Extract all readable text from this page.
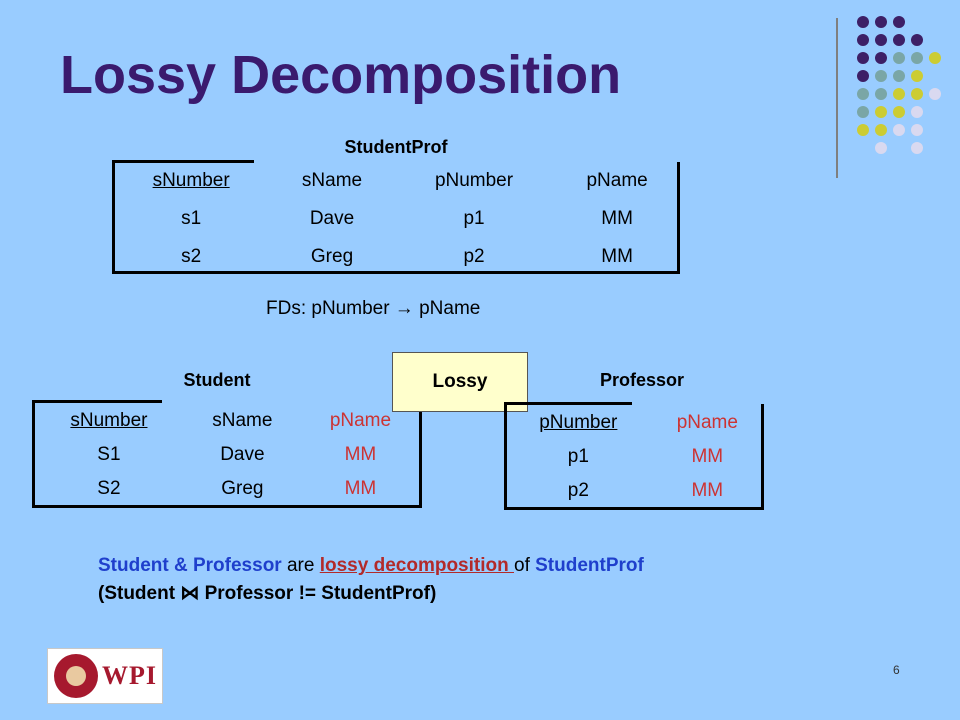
Lossy Decomposition
StudentProf
sNumber	sName	pNumber	pName
s1	Dave	p1	MM
s2	Greg	p2	MM
FDs: pNumber → pName
Student
sNumber	sName	pName
S1	Dave	MM
S2	Greg	MM
Lossy	Professor
pNumber	pName
p1	MM
p2	MM
Student & Professor are lossy decomposition of StudentProf
(Student ⋈ Professor != StudentProf)
WPI	6
